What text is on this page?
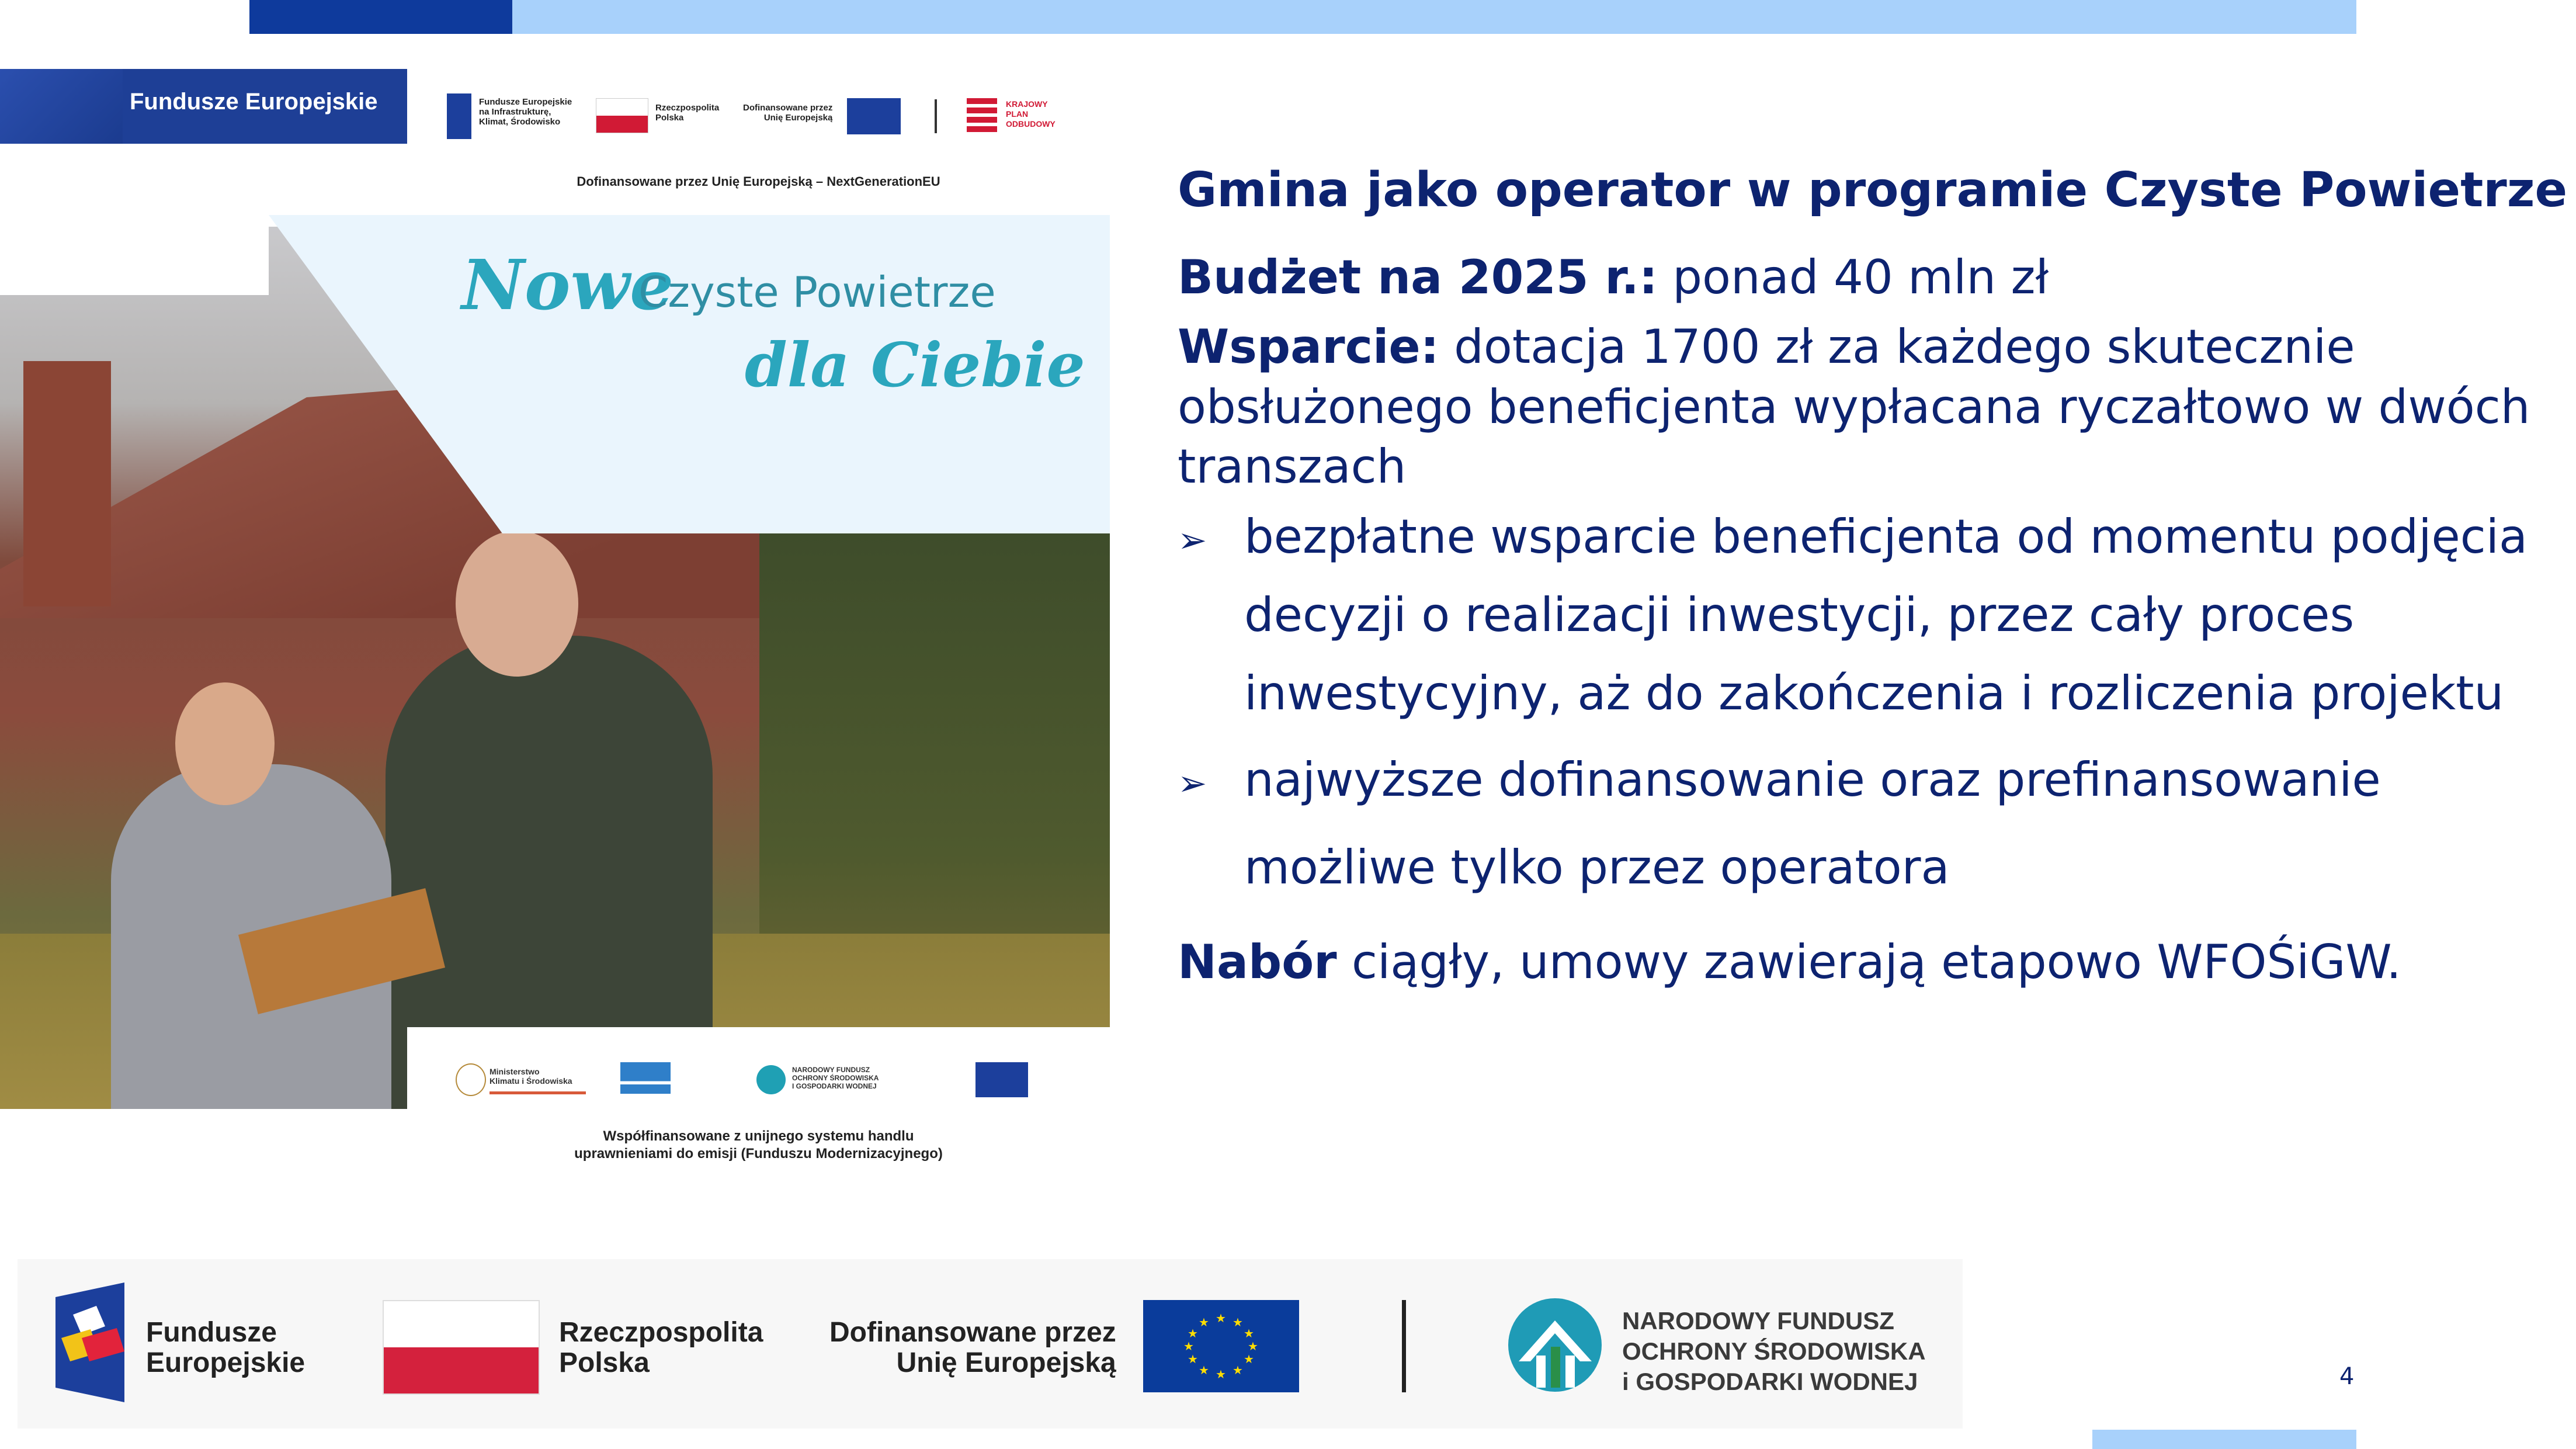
Fundusze Europejskie	Fundusze Europejskie
na Infrastrukturę,
Klimat, Środowisko
Rzeczpospolita
Polska
Dofinansowane przez
Unię Europejską
KRAJOWY
PLAN
ODBUDOWY
Dofinansowane przez Unię Europejską – NextGenerationEU
Nowe
Czyste Powietrze
dla Ciebie
Ministerstwo
Klimatu i Środowiska
NARODOWY FUNDUSZ
OCHRONY ŚRODOWISKA
I GOSPODARKI WODNEJ
Współfinansowane z unijnego systemu handlu
uprawnieniami do emisji (Funduszu Modernizacyjnego)
Gmina jako operator w programie Czyste Powietrze
Budżet na 2025 r.: ponad 40 mln zł
Wsparcie: dotacja 1700 zł za każdego skutecznie
obsłużonego beneficjenta wypłacana ryczałtowo w dwóch
transzach
➢ bezpłatne wsparcie beneficjenta od momentu podjęcia
decyzji o realizacji inwestycji, przez cały proces
inwestycyjny, aż do zakończenia i rozliczenia projektu
➢ najwyższe dofinansowanie oraz prefinansowanie
możliwe tylko przez operatora
Nabór ciągły, umowy zawierają etapowo WFOŚiGW.
Fundusze
Europejskie
Rzeczpospolita
Polska
Dofinansowane przez
Unię Europejską
★ ★
★
★
★
★
★
★
★
★
★
★	NARODOWY FUNDUSZ
OCHRONY ŚRODOWISKA
i GOSPODARKI WODNEJ	4
